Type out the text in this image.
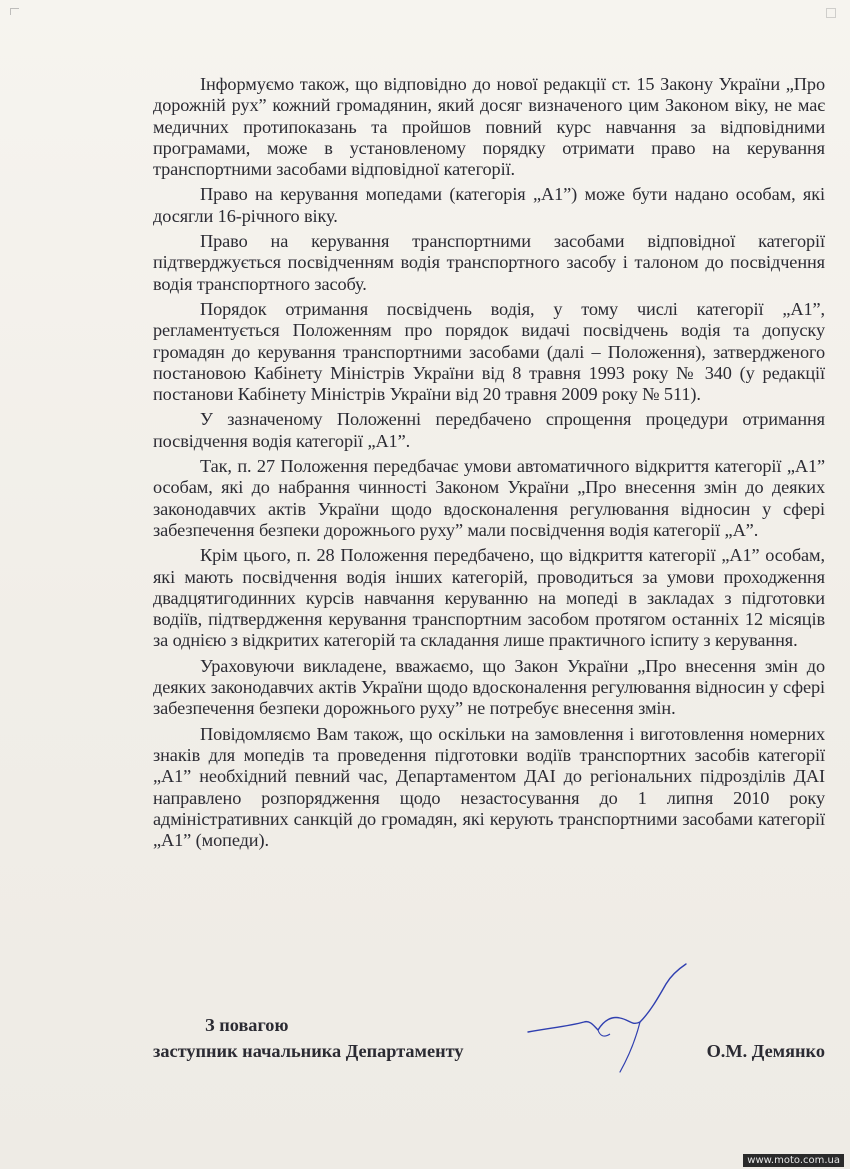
Інформуємо також, що відповідно до нової редакції ст. 15 Закону України „Про дорожній рух” кожний громадянин, який досяг визначеного цим Законом віку, не має медичних протипоказань та пройшов повний курс навчання за відповідними програмами, може в установленому порядку отримати право на керування транспортними засобами відповідної категорії.

Право на керування мопедами (категорія „А1”) може бути надано особам, які досягли 16-річного віку.

Право на керування транспортними засобами відповідної категорії підтверджується посвідченням водія транспортного засобу і талоном до посвідчення водія транспортного засобу.

Порядок отримання посвідчень водія, у тому числі категорії „А1”, регламентується Положенням про порядок видачі посвідчень водія та допуску громадян до керування транспортними засобами (далі – Положення), затвердженого постановою Кабінету Міністрів України від 8 травня 1993 року № 340 (у редакції постанови Кабінету Міністрів України від 20 травня 2009 року № 511).

У зазначеному Положенні передбачено спрощення процедури отримання посвідчення водія категорії „А1”.

Так, п. 27 Положення передбачає умови автоматичного відкриття категорії „А1” особам, які до набрання чинності Законом України „Про внесення змін до деяких законодавчих актів України щодо вдосконалення регулювання відносин у сфері забезпечення безпеки дорожнього руху” мали посвідчення водія категорії „А”.

Крім цього, п. 28 Положення передбачено, що відкриття категорії „А1” особам, які мають посвідчення водія інших категорій, проводиться за умови проходження двадцятигодинних курсів навчання керуванню на мопеді в закладах з підготовки водіїв, підтвердження керування транспортним засобом протягом останніх 12 місяців за однією з відкритих категорій та складання лише практичного іспиту з керування.

Ураховуючи викладене, вважаємо, що Закон України „Про внесення змін до деяких законодавчих актів України щодо вдосконалення регулювання відносин у сфері забезпечення безпеки дорожнього руху” не потребує внесення змін.

Повідомляємо Вам також, що оскільки на замовлення і виготовлення номерних знаків для мопедів та проведення підготовки водіїв транспортних засобів категорії „А1” необхідний певний час, Департаментом ДАІ до регіональних підрозділів ДАІ направлено розпорядження щодо незастосування до 1 липня 2010 року адміністративних санкцій до громадян, які керують транспортними засобами категорії „А1” (мопеди).

З повагою
заступник начальника Департаменту	О.М. Демянко
www.moto.com.ua
